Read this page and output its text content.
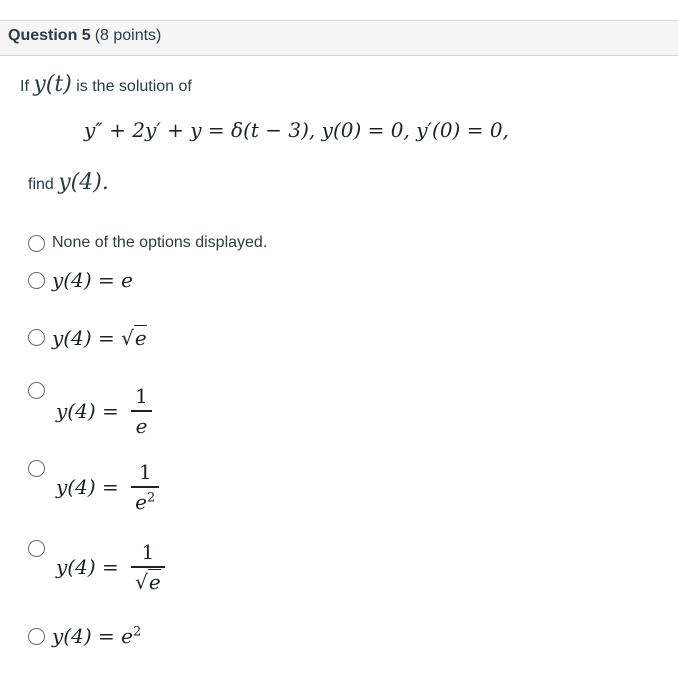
Question 5 (8 points)
If y(t) is the solution of
y″ + 2y′ + y = δ(t − 3), y(0) = 0, y′(0) = 0,
find y(4).
None of the options displayed.
y(4) = e
y(4) = √e
$y(4) = \frac{1}{e}$
$y(4) = \frac{1}{e^2}$
$y(4) = \frac{1}{√e}$
$y(4) = e^2$
